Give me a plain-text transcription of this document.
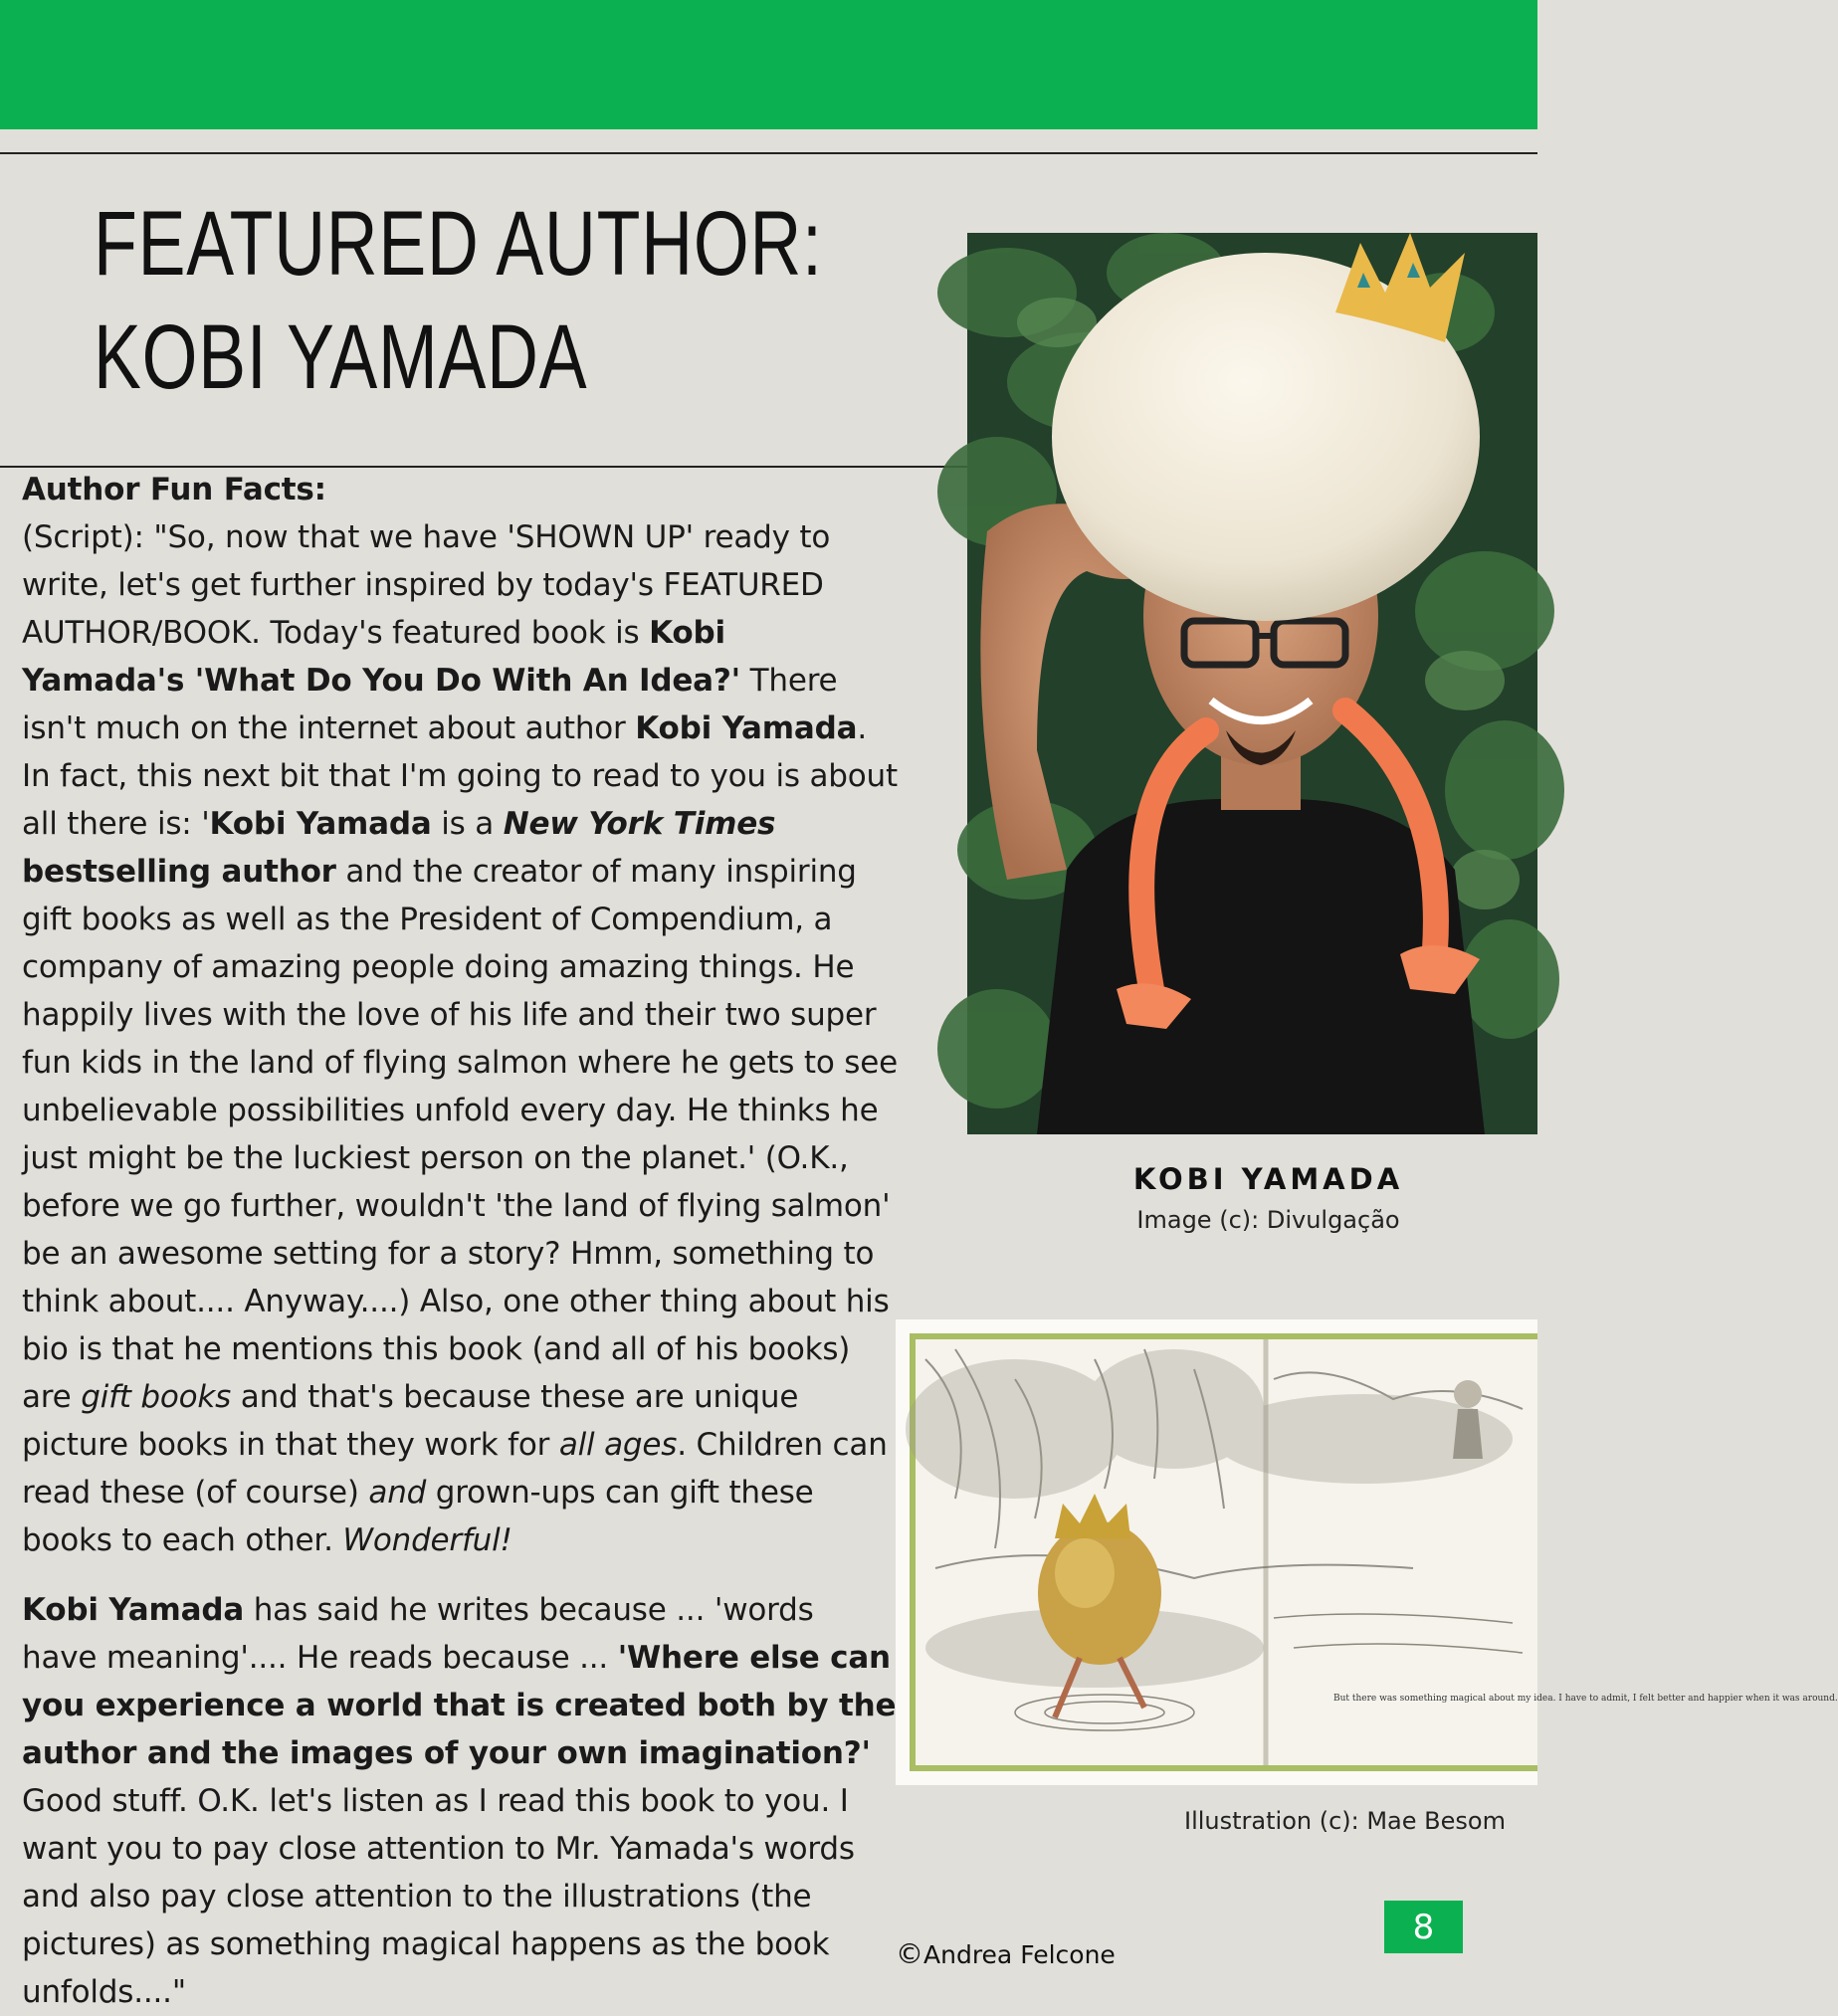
FEATURED AUTHOR:
KOBI YAMADA

Author Fun Facts:

(Script): "So, now that we have 'SHOWN UP' ready to write, let's get further inspired by today's FEATURED AUTHOR/BOOK. Today's featured book is Kobi Yamada's 'What Do You Do With An Idea?' There isn't much on the internet about author Kobi Yamada. In fact, this next bit that I'm going to read to you is about all there is: 'Kobi Yamada is a New York Times bestselling author and the creator of many inspiring gift books as well as the President of Compendium, a company of amazing people doing amazing things. He happily lives with the love of his life and their two super fun kids in the land of flying salmon where he gets to see unbelievable possibilities unfold every day. He thinks he just might be the luckiest person on the planet.' (O.K., before we go further, wouldn't 'the land of flying salmon' be an awesome setting for a story? Hmm, something to think about.... Anyway....) Also, one other thing about his bio is that he mentions this book (and all of his books) are gift books and that's because these are unique picture books in that they work for all ages. Children can read these (of course) and grown-ups can gift these books to each other. Wonderful!

Kobi Yamada has said he writes because ... 'words have meaning'.... He reads because ... 'Where else can you experience a world that is created both by the author and the images of your own imagination?' Good stuff. O.K. let's listen as I read this book to you. I want you to pay close attention to Mr. Yamada's words and also pay close attention to the illustrations (the pictures) as something magical happens as the book unfolds...."

KOBI YAMADA
Image (c): Divulgação
But there was something magical about my idea. I have to admit, I felt better and happier when it was around.
Illustration (c): Mae Besom
©Andrea Felcone
8
